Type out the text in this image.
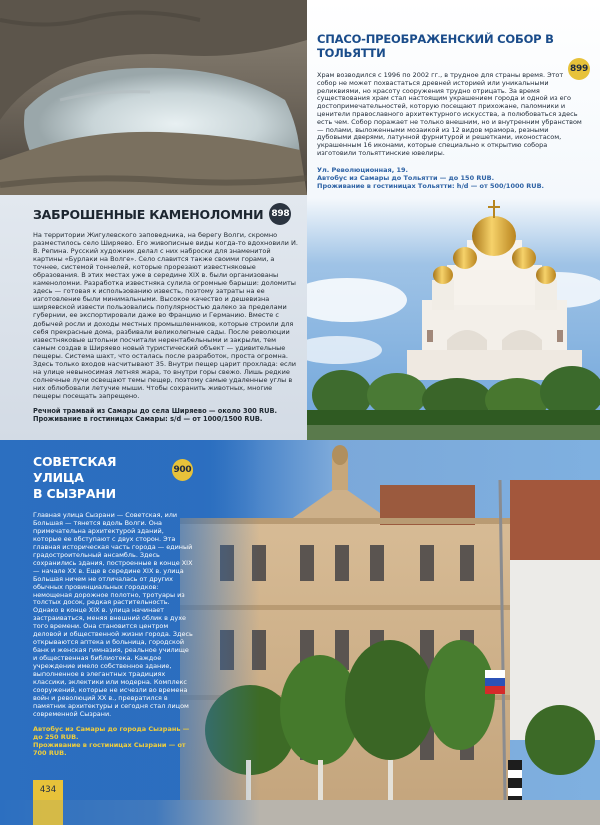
ЗАБРОШЕННЫЕ КАМЕНОЛОМНИ 898

На территории Жигулевского заповедника, на берегу Волги, скромно разместилось село Ширяево. Его живописные виды когда-то вдохновили И. В. Репина. Русский художник делал с них наброски для знаменитой картины «Бурлаки на Волге». Село славится также своими горами, а точнее, системой тоннелей, которые прорезают известняковые образования. В этих местах уже в середине XIX в. были организованы каменоломни. Разработка известняка сулила огромные барыши: доломиты здесь — готовая к использованию известь, поэтому затраты на ее изготовление были минимальными. Высокое качество и дешевизна ширяевской извести пользовались популярностью далеко за пределами губернии, ее экспортировали даже во Францию и Германию. Вместе с добычей росли и доходы местных промышленников, которые строили для себя прекрасные дома, разбивали великолепные сады. После революции известняковые штольни посчитали нерентабельными и закрыли, тем самым создав в Ширяево новый туристический объект — удивительные пещеры. Система шахт, что осталась после разработок, проста огромна. Здесь только входов насчитывают 35. Внутри пещер царит прохлада: если на улице невыносимая летняя жара, то внутри горы свежо. Лишь редкие солнечные лучи освещают темы пещер, поэтому самые удаленные углы в них облюбовали летучие мыши. Чтобы сохранить животных, многие пещеры посещать запрещено.

Речной трамвай из Самары до села Ширяево — около 300 RUB.
Проживание в гостиницах Самары: s/d — от 1000/1500 RUB.
СПАСО-ПРЕОБРАЖЕНСКИЙ СОБОР В ТОЛЬЯТТИ

Храм возводился с 1996 по 2002 гг., в трудное для страны время. Этот собор не может похвастаться древней историей или уникальными реликвиями, но красоту сооружения трудно отрицать. За время существования храм стал настоящим украшением города и одной из его достопримечательностей, которую посещают прихожане, паломники и ценители православного архитектурного искусства, а полюбоваться здесь есть чем. Собор поражает не только внешним, но и внутренним убранством — полами, выложенными мозаикой из 12 видов мрамора, резными дубовыми дверями, латунной фурнитурой и решетками, иконостасом, украшенным 16 иконами, которые специально к открытию собора изготовили тольяттинские ювелиры.

Ул. Революционная, 19.
Автобус из Самары до Тольятти — до 150 RUB.
Проживание в гостиницах Тольятти: h/d — от 500/1000 RUB.
899
СОВЕТСКАЯ УЛИЦА	900
В СЫЗРАНИ

Главная улица Сызрани — Советская, или Большая — тянется вдоль Волги. Она примечательна архитектурой зданий, которые ее обступают с двух сторон. Эта главная историческая часть города — единый градостроительный ансамбль. Здесь сохранились здания, построенные в конце XIX — начале XX в. Еще в середине XIX в. улица Большая ничем не отличалась от других обычных провинциальных городков: немощеная дорожное полотно, тротуары из толстых досок, редкая растительность. Однако в конце XIX в. улица начинает застраиваться, меняя внешний облик в духе того времени. Она становится центром деловой и общественной жизни города. Здесь открываются аптека и больница, городской банк и женская гимназия, реальное училище и общественная библиотека. Каждое учреждение имело собственное здание, выполненное в элегантных традициях классики, эклектики или модерна. Комплекс сооружений, которые не исчезли во времена войн и революций XX в., превратился в памятник архитектуры и сегодня стал лицом современной Сызрани.

Автобус из Самары до города Сызрань — до 250 RUB.
Проживание в гостиницах Сызрани — от 700 RUB.
434
